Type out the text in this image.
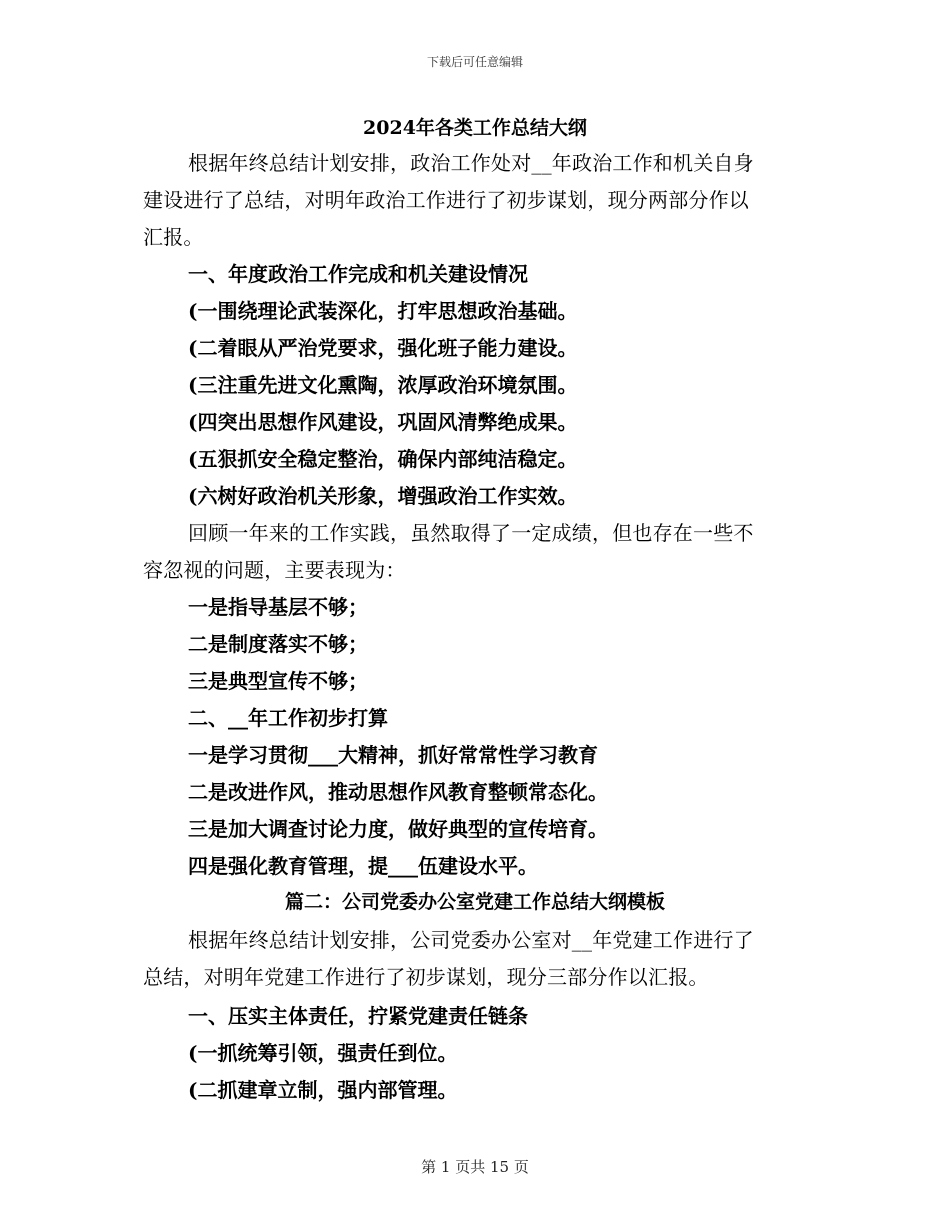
下载后可任意编辑
2024年各类工作总结大纲
根据年终总结计划安排，政治工作处对__年政治工作和机关自身
建设进行了总结，对明年政治工作进行了初步谋划，现分两部分作以
汇报。
一、年度政治工作完成和机关建设情况
(一围绕理论武装深化，打牢思想政治基础。
(二着眼从严治党要求，强化班子能力建设。
(三注重先进文化熏陶，浓厚政治环境氛围。
(四突出思想作风建设，巩固风清弊绝成果。
(五狠抓安全稳定整治，确保内部纯洁稳定。
(六树好政治机关形象，增强政治工作实效。
回顾一年来的工作实践，虽然取得了一定成绩，但也存在一些不
容忽视的问题，主要表现为：
一是指导基层不够；
二是制度落实不够；
三是典型宣传不够；
二、__年工作初步打算
一是学习贯彻___大精神，抓好常常性学习教育
二是改进作风，推动思想作风教育整顿常态化。
三是加大调查讨论力度，做好典型的宣传培育。
四是强化教育管理，提___伍建设水平。
篇二：公司党委办公室党建工作总结大纲模板
根据年终总结计划安排，公司党委办公室对__年党建工作进行了
总结，对明年党建工作进行了初步谋划，现分三部分作以汇报。
一、压实主体责任，拧紧党建责任链条
(一抓统筹引领，强责任到位。
(二抓建章立制，强内部管理。
第 1 页共 15 页
